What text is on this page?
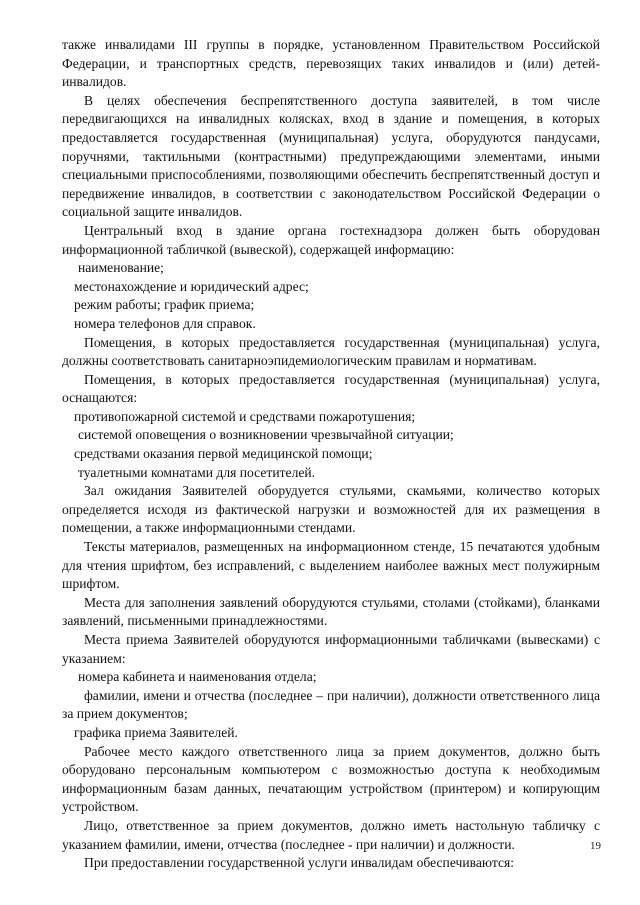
также инвалидами III группы в порядке, установленном Правительством Российской Федерации, и транспортных средств, перевозящих таких инвалидов и (или) детей-инвалидов.

В целях обеспечения беспрепятственного доступа заявителей, в том числе передвигающихся на инвалидных колясках, вход в здание и помещения, в которых предоставляется государственная (муниципальная) услуга, оборудуются пандусами, поручнями, тактильными (контрастными) предупреждающими элементами, иными специальными приспособлениями, позволяющими обеспечить беспрепятственный доступ и передвижение инвалидов, в соответствии с законодательством Российской Федерации о социальной защите инвалидов.

Центральный вход в здание органа гостехнадзора должен быть оборудован информационной табличкой (вывеской), содержащей информацию:

наименование;

местонахождение и юридический адрес;

режим работы; график приема;

номера телефонов для справок.

Помещения, в которых предоставляется государственная (муниципальная) услуга, должны соответствовать санитарноэпидемиологическим правилам и нормативам.

Помещения, в которых предоставляется государственная (муниципальная) услуга, оснащаются:

противопожарной системой и средствами пожаротушения;

системой оповещения о возникновении чрезвычайной ситуации;

средствами оказания первой медицинской помощи;

туалетными комнатами для посетителей.

Зал ожидания Заявителей оборудуется стульями, скамьями, количество которых определяется исходя из фактической нагрузки и возможностей для их размещения в помещении, а также информационными стендами.

Тексты материалов, размещенных на информационном стенде, 15 печатаются удобным для чтения шрифтом, без исправлений, с выделением наиболее важных мест полужирным шрифтом.

Места для заполнения заявлений оборудуются стульями, столами (стойками), бланками заявлений, письменными принадлежностями.

Места приема Заявителей оборудуются информационными табличками (вывесками) с указанием:

номера кабинета и наименования отдела;

фамилии, имени и отчества (последнее – при наличии), должности ответственного лица за прием документов;

графика приема Заявителей.

Рабочее место каждого ответственного лица за прием документов, должно быть оборудовано персональным компьютером с возможностью доступа к необходимым информационным базам данных, печатающим устройством (принтером) и копирующим устройством.

Лицо, ответственное за прием документов, должно иметь настольную табличку с указанием фамилии, имени, отчества (последнее - при наличии) и должности.

При предоставлении государственной услуги инвалидам обеспечиваются:

19
